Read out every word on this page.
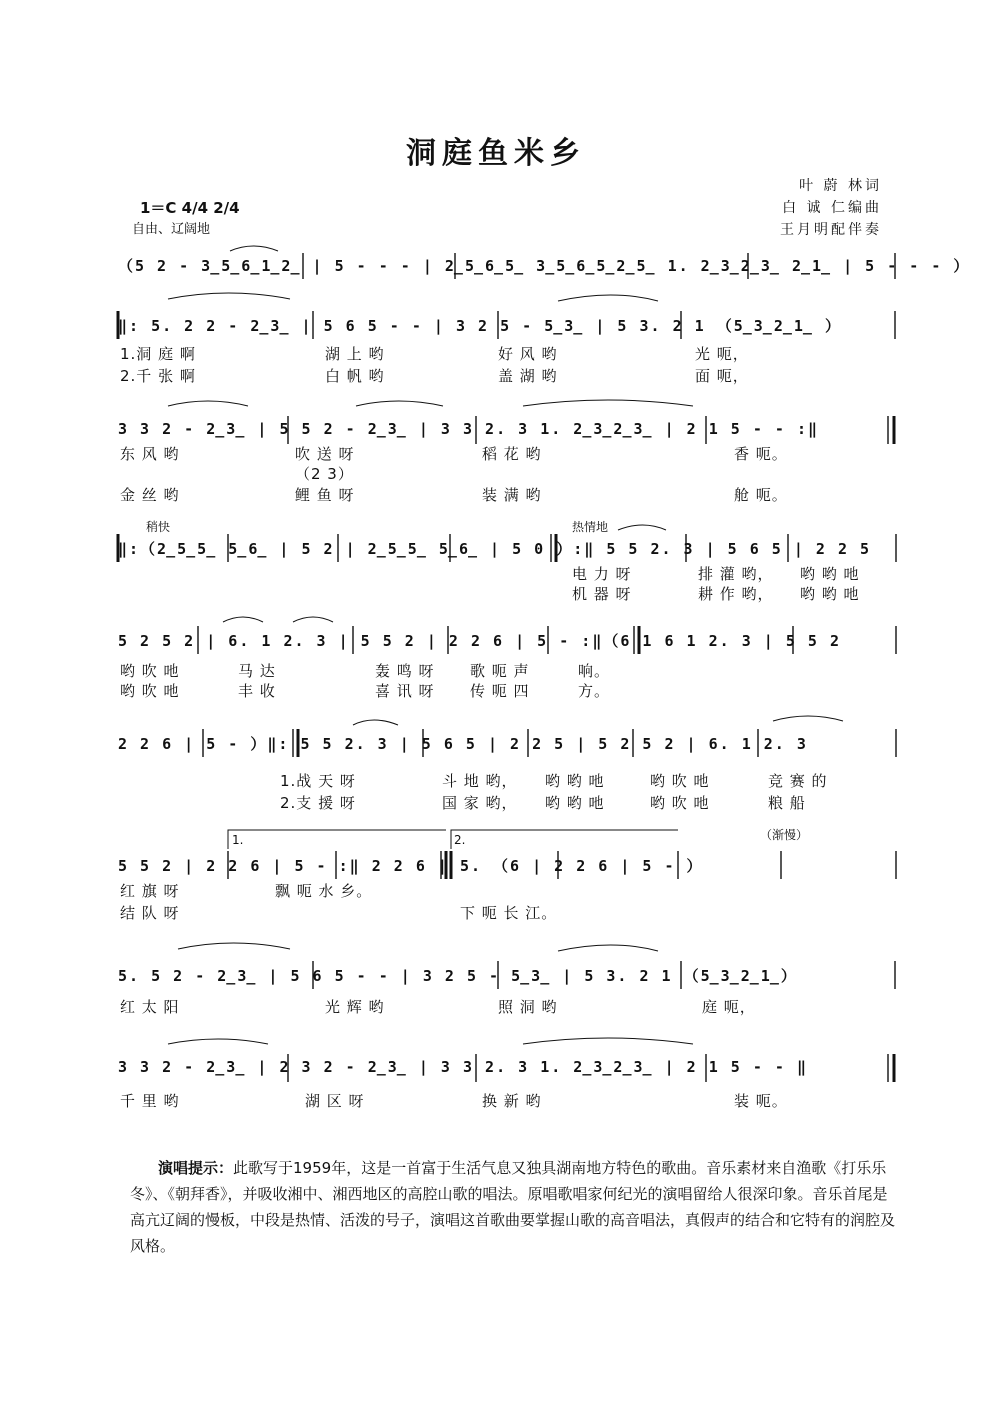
洞庭鱼米乡
叶 蔚 林词
白 诚 仁编曲
王月明配伴奏
1＝C 4/4 2/4
自由、辽阔地
（5 2 - 3̲5̲6̲1̲2̲ | 5 - - - | 2̲5̲6̲5̲ 3̲5̲6̲5̲2̲5̲ 1. 2̲3̲2̲3̲ 2̲1̲ | 5 - - - ）
‖: 5. 2 2 - 2̲3̲ | 5 6 5 - - | 3 2 5 - 5̲3̲ | 5 3. 2 1 （5̲3̲2̲1̲ ）
1.洞 庭 啊	湖 上 哟	好 风 哟	光 呃，
2.千 张 啊	白 帆 哟	盖 湖 哟	面 呃，
3 3 2 - 2̲3̲ | 5 5 2 - 2̲3̲ | 3 3 2. 3 1. 2̲3̲2̲3̲ | 2 1 5 - - :‖
东 风 哟	吹 送 呀	稻 花 哟	香 呃。
（2 3）
金 丝 哟	鲤 鱼 呀	装 满 哟	舱 呃。
稍快	热情地
‖:（2̲5̲5̲ 5̲6̲ | 5 2 | 2̲5̲5̲ 5̲6̲ | 5 0 ）:‖ 5 5 2. 3 | 5 6 5 | 2 2 5
电 力 呀	排 灌 哟， 哟 哟 吔
机 器 呀	耕 作 哟， 哟 哟 吔
5 2 5 2 | 6. 1 2. 3 | 5 5 2 | 2 2 6 | 5 - :‖（6 1 6 1 2. 3 | 5 5 2
哟 吹 吔	马 达	轰 鸣 呀 歌 呃 声	响。
哟 吹 吔	丰 收	喜 讯 呀 传 呃 四	方。
2 2 6 | 5 - ）‖: 5 5 2. 3 | 5 6 5 | 2 2 5 | 5 2 5 2 | 6. 1 2. 3
1.战 天 呀	斗 地 哟， 哟 哟 吔	哟 吹 吔	竞 赛 的
2.支 援 呀	国 家 哟， 哟 哟 吔	哟 吹 吔	粮 船
1.	2.	（渐慢）
5 5 2 | 2 2 6 | 5 - :‖ 2 2 6 | 5. （6 | 2 2 6 | 5 - ）
红 旗 呀	飘 呃 水 乡。
结 队 呀	下 呃 长 江。
5. 5 2 - 2̲3̲ | 5 6 5 - - | 3 2 5 - 5̲3̲ | 5 3. 2 1 （5̲3̲2̲1̲）
红 太 阳	光 辉 哟	照 洞 哟	庭 呃，
3 3 2 - 2̲3̲ | 2 3 2 - 2̲3̲ | 3 3 2. 3 1. 2̲3̲2̲3̲ | 2 1 5 - - ‖
千 里 哟	湖 区 呀	换 新 哟	装 呃。
演唱提示：此歌写于1959年，这是一首富于生活气息又独具湖南地方特色的歌曲。音乐素材来自渔歌《打乐乐冬》、《朝拜香》，并吸收湘中、湘西地区的高腔山歌的唱法。原唱歌唱家何纪光的演唱留给人很深印象。音乐首尾是高亢辽阔的慢板，中段是热情、活泼的号子，演唱这首歌曲要掌握山歌的高音唱法，真假声的结合和它特有的润腔及风格。
